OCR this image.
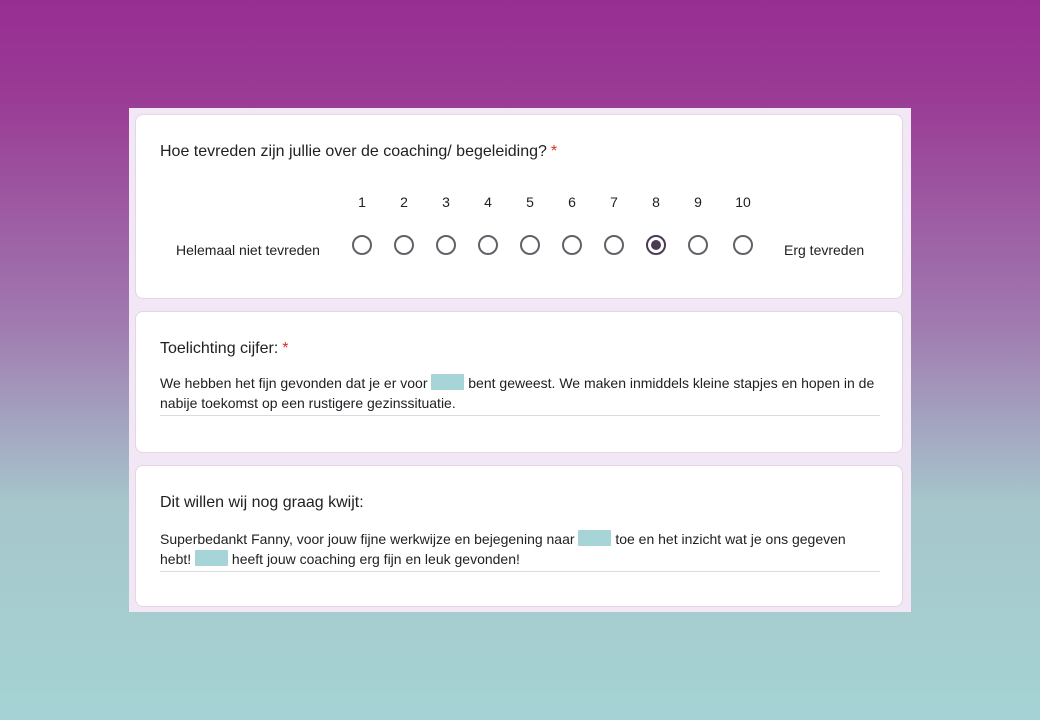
Hoe tevreden zijn jullie over de coaching/ begeleiding? *
1	2	3	4	5	6	7	8	9	10
Helemaal niet tevreden	Erg tevreden
Toelichting cijfer: *
We hebben het fijn gevonden dat je er voor  bent geweest. We maken inmiddels kleine stapjes en hopen in de nabije toekomst op een rustigere gezinssituatie.
Dit willen wij nog graag kwijt:
Superbedankt Fanny, voor jouw fijne werkwijze en bejegening naar  toe en het inzicht wat je ons gegeven hebt!  heeft jouw coaching erg fijn en leuk gevonden!
